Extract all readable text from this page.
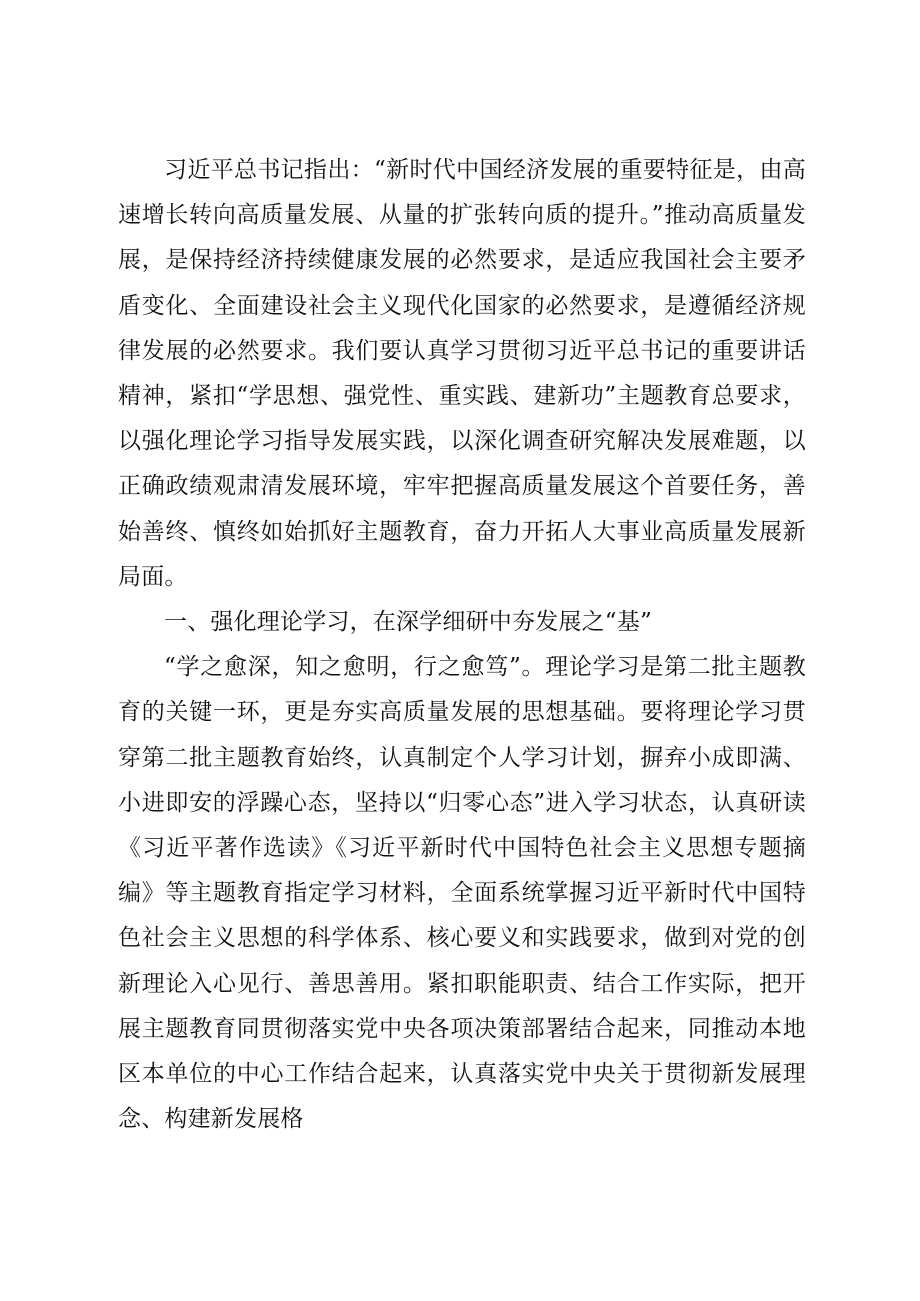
习近平总书记指出：“新时代中国经济发展的重要特征是，由高速增长转向高质量发展、从量的扩张转向质的提升。”推动高质量发展，是保持经济持续健康发展的必然要求，是适应我国社会主要矛盾变化、全面建设社会主义现代化国家的必然要求，是遵循经济规律发展的必然要求。我们要认真学习贯彻习近平总书记的重要讲话精神，紧扣“学思想、强党性、重实践、建新功”主题教育总要求，以强化理论学习指导发展实践，以深化调查研究解决发展难题，以正确政绩观肃清发展环境，牢牢把握高质量发展这个首要任务，善始善终、慎终如始抓好主题教育，奋力开拓人大事业高质量发展新局面。

一、强化理论学习，在深学细研中夯发展之“基”

“学之愈深，知之愈明，行之愈笃”。理论学习是第二批主题教育的关键一环，更是夯实高质量发展的思想基础。要将理论学习贯穿第二批主题教育始终，认真制定个人学习计划，摒弃小成即满、小进即安的浮躁心态，坚持以“归零心态”进入学习状态，认真研读《习近平著作选读》《习近平新时代中国特色社会主义思想专题摘编》等主题教育指定学习材料，全面系统掌握习近平新时代中国特色社会主义思想的科学体系、核心要义和实践要求，做到对党的创新理论入心见行、善思善用。紧扣职能职责、结合工作实际，把开展主题教育同贯彻落实党中央各项决策部署结合起来，同推动本地区本单位的中心工作结合起来，认真落实党中央关于贯彻新发展理念、构建新发展格
